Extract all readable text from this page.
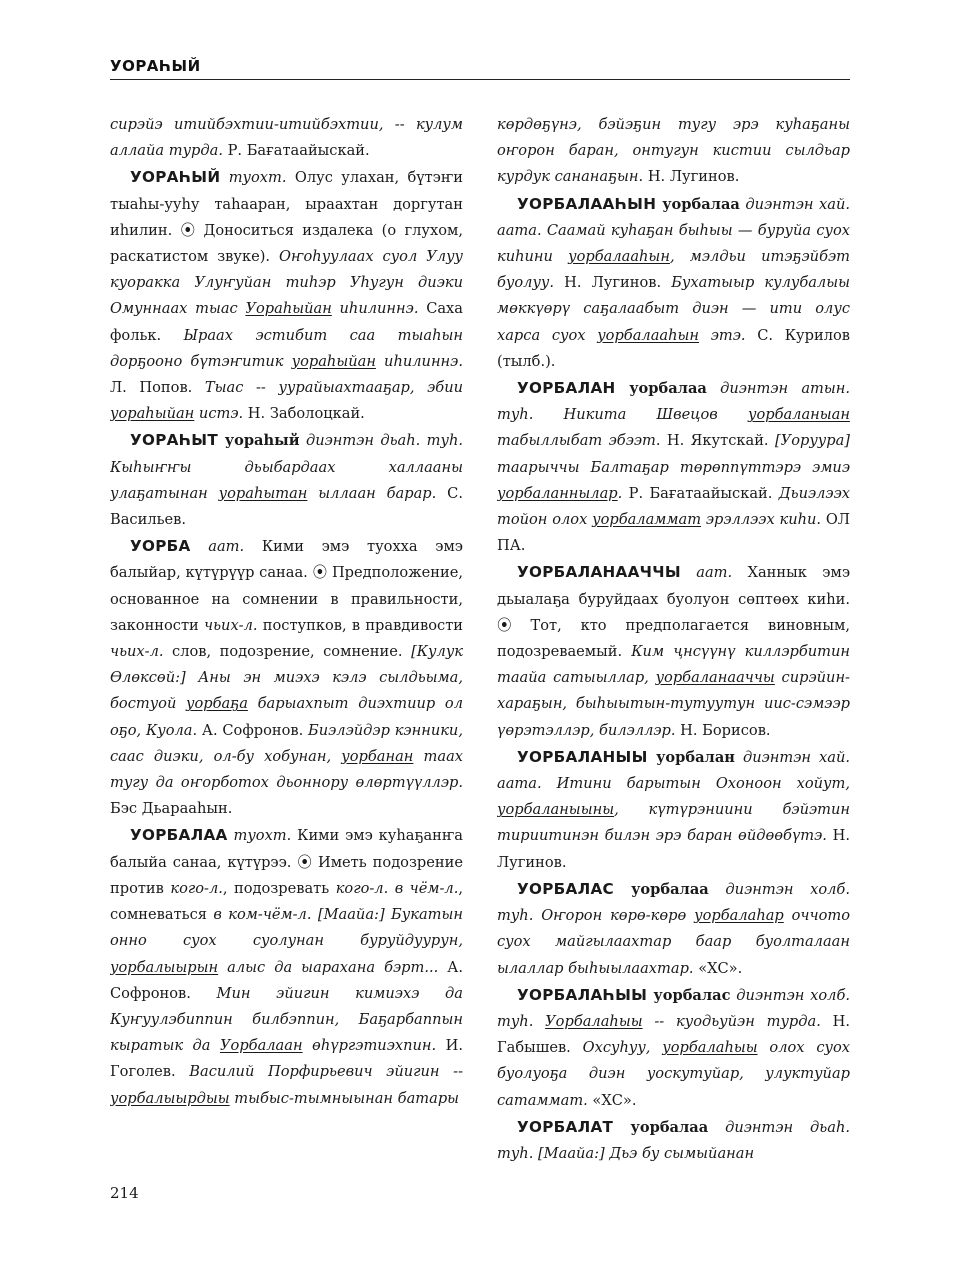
УОРАҺЫЙ

сирэйэ итийбэхтии-итийбэхтии, -- кулум аллайа турда. Р. Бағатаайыскай.

УОРАҺЫЙ туохт. Олус улахан, бүтэҥи тыаһы-ууһу таһааран, ыраахтан доргутан иһилин. ⦿ Доноситься издалека (о глухом, раскатистом звуке). Оҥоһуулаах суол Улуу куоракка Улуҥуйан тиһэр Уһугун диэки Омуннаах тыас Уораһыйан иһилиннэ. Саха фольк. Ыраах эстибит саа тыаһын дорҕооно бүтэҥитик уораһыйан иһилиннэ. Л. Попов. Тыас -- уурайыахтааҕар, эбии уораһыйан истэ. Н. Заболоцкай.

УОРАҺЫТ уораһый диэнтэн дьаһ. туһ. Кыһыҥҥы дьыбардаах халлааны улаҕатынан уораһытан ыллаан барар. С. Васильев.

УОРБА аат. Кими эмэ туохха эмэ балыйар, күтүрүүр санаа. ⦿ Предположение, основанное на сомнении в правильности, законности чьих-л. поступков, в правдивости чьих-л. слов, подозрение, сомнение. [Кулук Өлөксөй:] Аны эн миэхэ кэлэ сылдьыма, бостуой уорбаҕа барыахпыт диэхтиир ол оҕо, Куола. А. Софронов. Биэлэйдэр кэнники, саас диэки, ол-бу хобунан, уорбанан таах тугу да оҥорботох дьоннору өлөртүүллэр. Бэс Дьарааһын.

УОРБАЛАА туохт. Кими эмэ куһаҕанҥа балыйа санаа, күтүрээ. ⦿ Иметь подозрение против кого-л., подозревать кого-л. в чём-л., сомневаться в ком-чём-л. [Маайа:] Букатын онно суох суолунан буруйдуурун, уорбалыырын алыс да ыарахана бэрт... А. Софронов. Мин эйигин кимиэхэ да Куҥуулэбиппин билбэппин, Баҕарбаппын кыратык да Уорбалаан өһүргэтиэхпин. И. Гоголев. Василий Порфирьевич эйигин -- уорбалыырдыы тыбыс-тымныынан батары

көрдөҕүнэ, бэйэҕин тугу эрэ куһаҕаны оҥорон баран, онтугун кистии сылдьар курдук сананаҕын. Н. Лугинов.

УОРБАЛААҺЫН уорбалаа диэнтэн хай. аата. Саамай куһаҕан быһыы — буруйа суох киһини уорбалааһын, мэлдьи итэҕэйбэт буолуу. Н. Лугинов. Бухатыыр кулубалыы мөккүөрү саҕалаабыт диэн — ити олус харса суох уорбалааһын этэ. С. Курилов (тылб.).

УОРБАЛАН уорбалаа диэнтэн атын. туһ. Никита Швецов уорбаланыан табыллыбат эбээт. Н. Якутскай. [Уоруура] таарыччы Балтаҕар төрөппүттэрэ эмиэ уорбаланнылар. Р. Бағатаайыскай. Дьиэлээх тойон олох уорбаламмат эрэллээх киһи. ОЛ ПА.

УОРБАЛАНААЧЧЫ аат. Ханнык эмэ дьыалаҕа буруйдаах буолуон сөптөөх киһи. ⦿ Тот, кто предполагается виновным, подозреваемый. Ким ҷнсүүнү киллэрбитин таайа сатыыллар, уорбаланааччы сирэйин-хараҕын, быһыытын-тутуутун иис-сэмээр үөрэтэллэр, билэллэр. Н. Борисов.

УОРБАЛАНЫЫ уорбалан диэнтэн хай. аата. Итини барытын Охоноон хойут, уорбаланыыны, күтүрэниини бэйэтин тириитинэн билэн эрэ баран өйдөөбүтэ. Н. Лугинов.

УОРБАЛАС уорбалаа диэнтэн холб. туһ. Оҥорон көрө-көрө уорбалаһар оччото суох майгылаахтар баар буолталаан ылаллар быһыылаахтар. «ХС».

УОРБАЛАҺЫЫ уорбалас диэнтэн холб. туһ. Уорбалаһыы -- куодьуйэн турда. Н. Габышев. Охсуһуу, уорбалаһыы олох суох буолуоҕа диэн уоскутуйар, улуктуйар сатаммат. «ХС».

УОРБАЛАТ уорбалаа диэнтэн дьаһ. туһ. [Маайа:] Дьэ бу сымыйанан

214
